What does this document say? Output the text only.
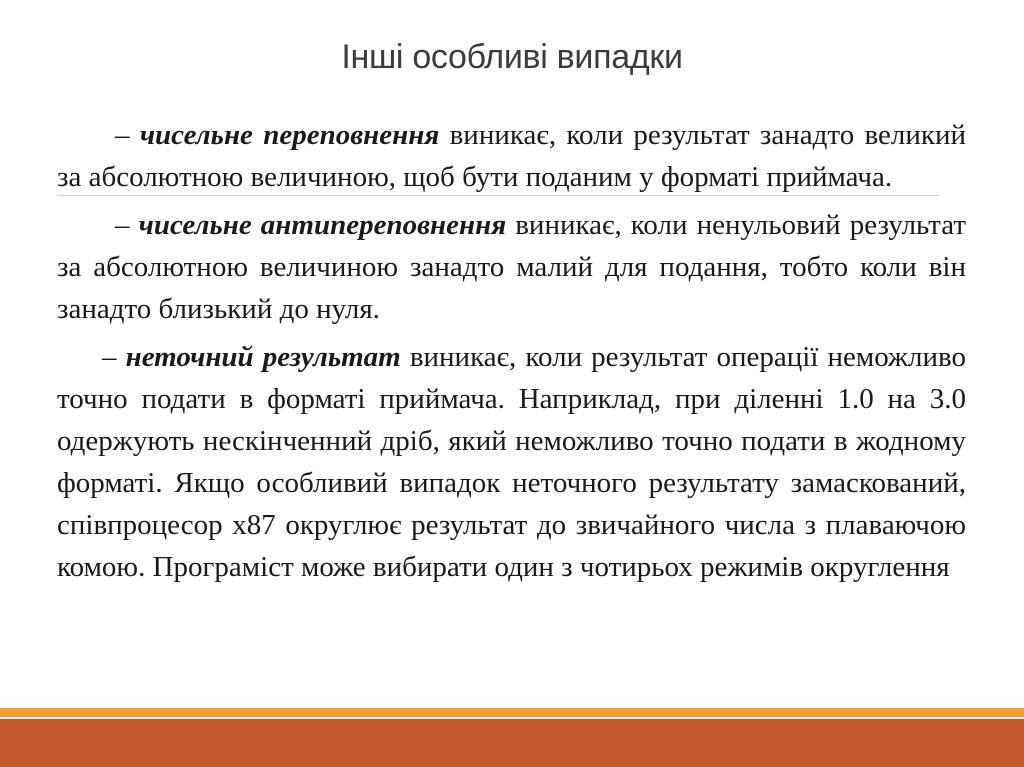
Інші особливі випадки

– чисельне переповнення виникає, коли результат занадто великий за абсолютною величиною, щоб бути поданим у форматі приймача.

– чисельне антипереповнення виникає, коли ненульовий результат за абсолютною величиною занадто малий для подання, тобто коли він занадто близький до нуля.

– неточний результат виникає, коли результат операції неможливо точно подати в форматі приймача. Наприклад, при діленні 1.0 на 3.0 одержують нескінченний дріб, який неможливо точно подати в жодному форматі. Якщо особливий випадок неточного результату замаскований, співпроцесор x87 округлює результат до звичайного числа з плаваючою комою. Програміст може вибирати один з чотирьох режимів округлення
